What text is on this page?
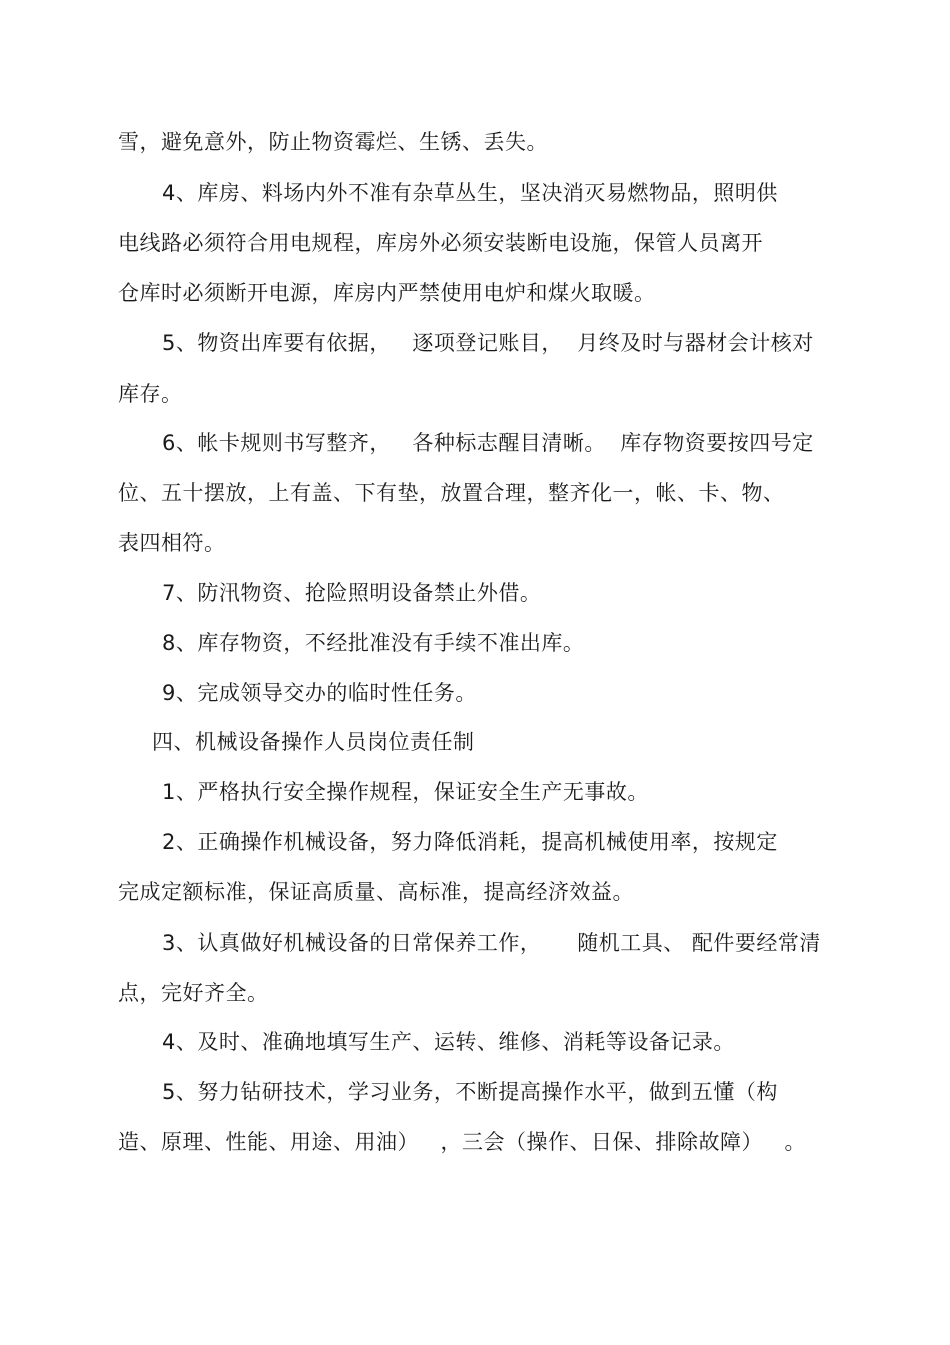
雪，避免意外，防止物资霉烂、生锈、丢失。
4、库房、料场内外不准有杂草丛生，坚决消灭易燃物品，照明供
电线路必须符合用电规程，库房外必须安装断电设施，保管人员离开
仓库时必须断开电源，库房内严禁使用电炉和煤火取暖。
5、物资出库要有依据，   逐项登记账目，  月终及时与器材会计核对
库存。
6、帐卡规则书写整齐，   各种标志醒目清晰。  库存物资要按四号定
位、五十摆放，上有盖、下有垫，放置合理，整齐化一，帐、卡、物、
表四相符。
7、防汛物资、抢险照明设备禁止外借。
8、库存物资，不经批准没有手续不准出库。
9、完成领导交办的临时性任务。
四、机械设备操作人员岗位责任制
1、严格执行安全操作规程，保证安全生产无事故。
2、正确操作机械设备，努力降低消耗，提高机械使用率，按规定
完成定额标准，保证高质量、高标准，提高经济效益。
3、认真做好机械设备的日常保养工作，     随机工具、 配件要经常清
点，完好齐全。
4、及时、准确地填写生产、运转、维修、消耗等设备记录。
5、努力钻研技术，学习业务，不断提高操作水平，做到五懂（构
造、原理、性能、用途、用油）   ，三会（操作、日保、排除故障）   。
